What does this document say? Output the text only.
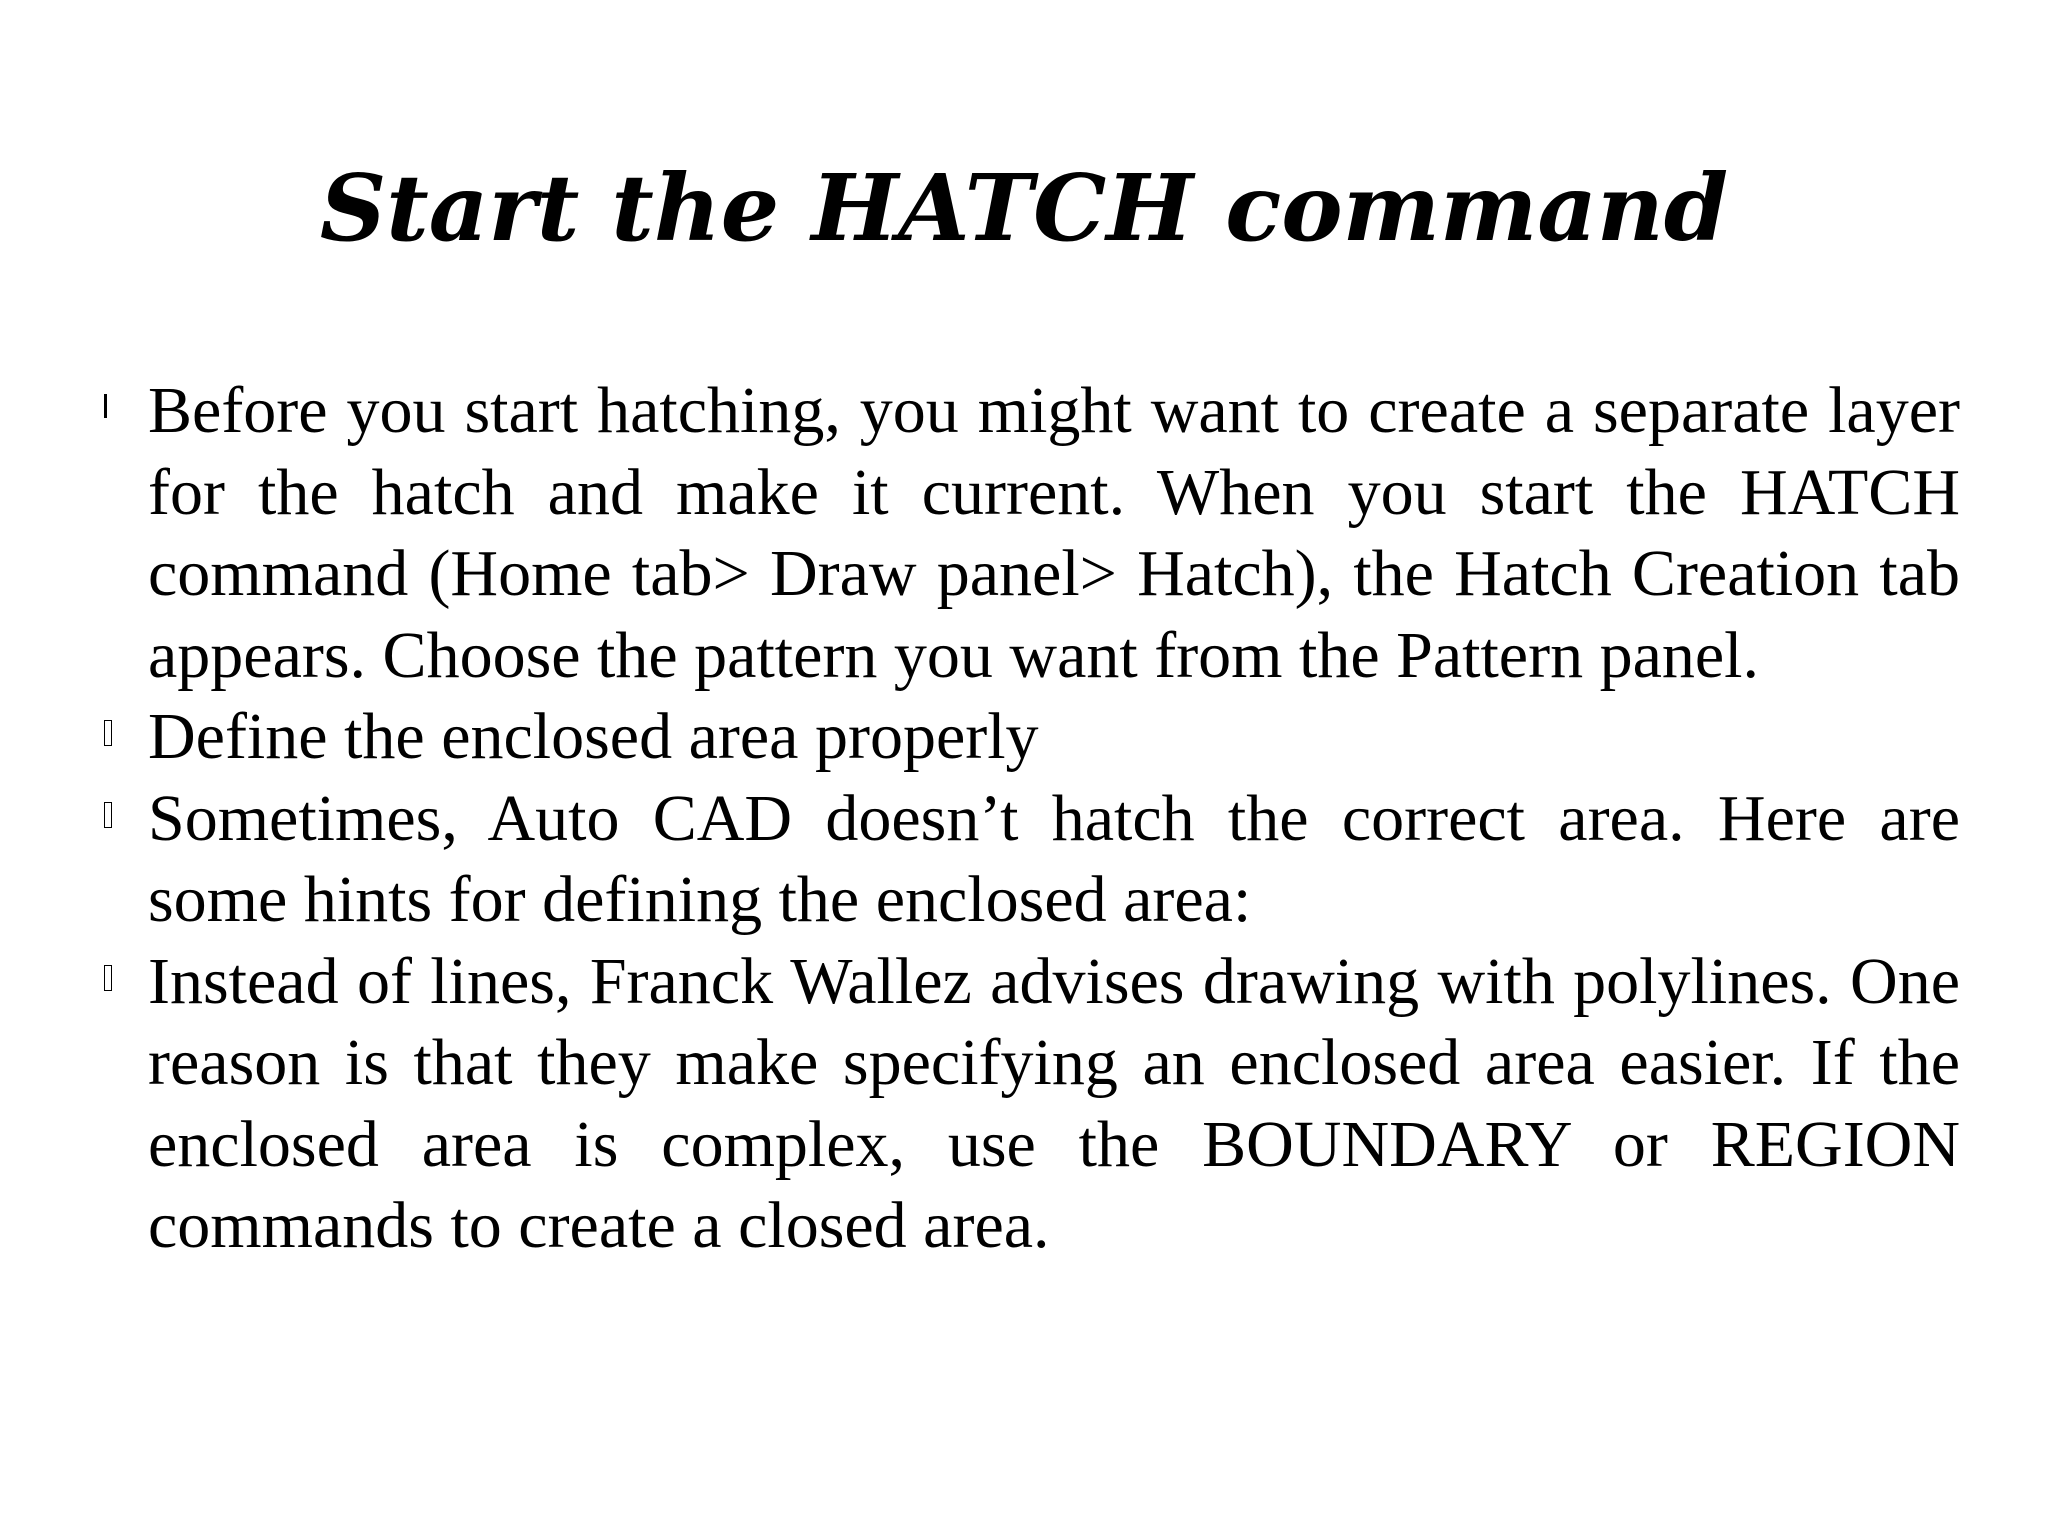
Start the HATCH command
Before you start hatching, you might want to create a separate layer for the hatch and make it current. When you start the HATCH command (Home tab> Draw panel> Hatch), the Hatch Creation tab appears. Choose the pattern you want from the Pattern panel.
Define the enclosed area properly
Sometimes, Auto CAD doesn’t hatch the correct area. Here are some hints for defining the enclosed area:
Instead of lines, Franck Wallez advises drawing with polylines. One reason is that they make specifying an enclosed area easier. If the enclosed area is complex, use the BOUNDARY or REGION commands to create a closed area.
